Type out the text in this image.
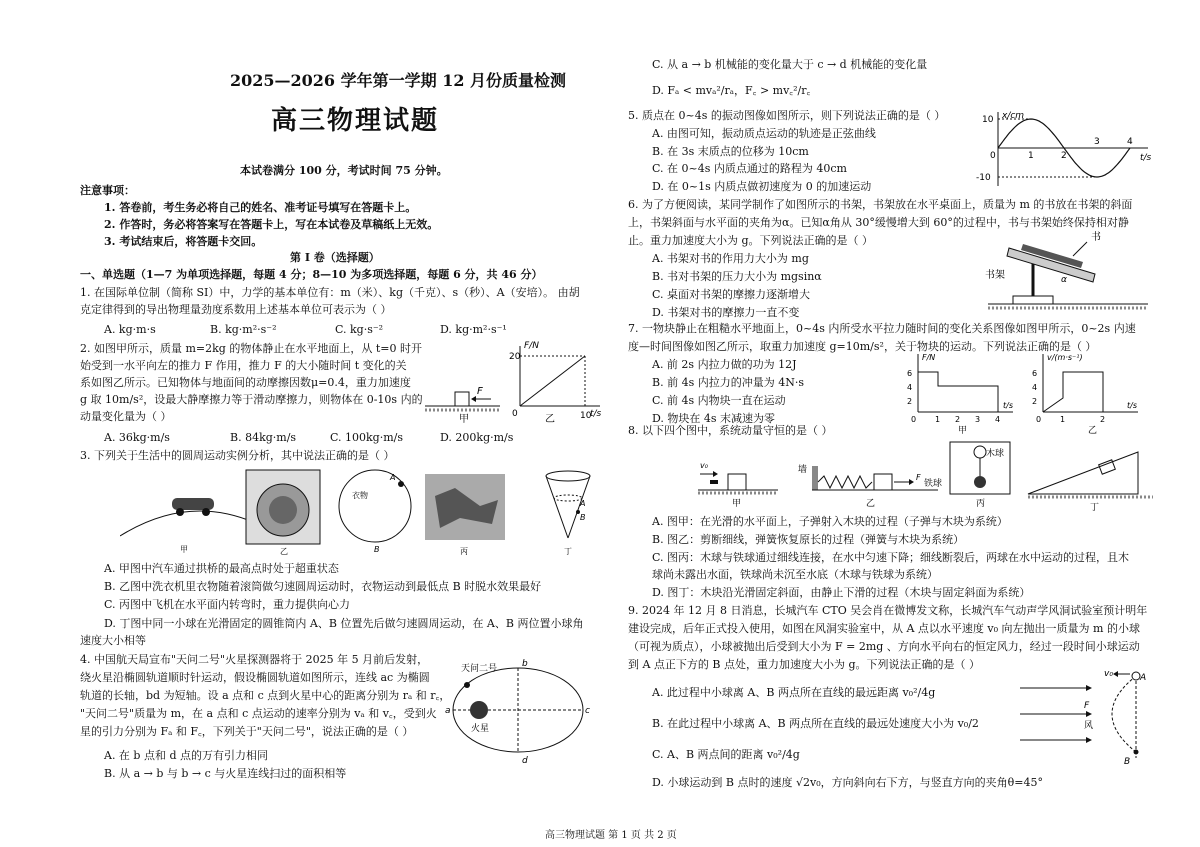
2025—2026 学年第一学期 12 月份质量检测
高三物理试题
本试卷满分 100 分，考试时间 75 分钟。
注意事项：
1. 答卷前，考生务必将自己的姓名、准考证号填写在答题卡上。
2. 作答时，务必将答案写在答题卡上，写在本试卷及草稿纸上无效。
3. 考试结束后，将答题卡交回。
第 I 卷（选择题）
一、单选题（1—7 为单项选择题，每题 4 分；8—10 为多项选择题，每题 6 分，共 46 分）
1. 在国际单位制（简称 SI）中，力学的基本单位有：m（米）、kg（千克）、s（秒）、A（安培）。 由胡
克定律得到的导出物理量劲度系数用上述基本单位可表示为（ ）
A. kg·m·s	B. kg·m²·s⁻²	C. kg·s⁻²	D. kg·m²·s⁻¹
2. 如图甲所示，质量 m=2kg 的物体静止在水平地面上，从 t=0 时开
始受到一水平向左的推力 F 作用，推力 F 的大小随时间 t 变化的关
系如图乙所示。已知物体与地面间的动摩擦因数μ=0.4，重力加速度
g 取 10m/s²，设最大静摩擦力等于滑动摩擦力，则物体在 0-10s 内的
动量变化量为（ ）
A. 36kg·m/s	B. 84kg·m/s	C. 100kg·m/s	D. 200kg·m/s
F
甲
F/N
20
0	10
t/s
乙
3. 下列关于生活中的圆周运动实例分析，其中说法正确的是（ ）
甲	乙
A
衣物
B	丙
A
B
丁
A. 甲图中汽车通过拱桥的最高点时处于超重状态
B. 乙图中洗衣机里衣物随着滚筒做匀速圆周运动时，衣物运动到最低点 B 时脱水效果最好
C. 丙图中飞机在水平面内转弯时，重力提供向心力
D. 丁图中同一小球在光滑固定的圆锥筒内 A、B 位置先后做匀速圆周运动，在 A、B 两位置小球角
速度大小相等
4. 中国航天局宣布"天问二号"火星探测器将于 2025 年 5 月前后发射，
绕火星沿椭圆轨道顺时针运动，假设椭圆轨道如图所示，连线 ac 为椭圆
轨道的长轴，bd 为短轴。设 a 点和 c 点到火星中心的距离分别为 rₐ 和 r꜀，
"天问二号"质量为 m，在 a 点和 c 点运动的速率分别为 vₐ 和 v꜀，受到火
星的引力分别为 Fₐ 和 F꜀，下列关于"天问二号"，说法正确的是（ ）
A. 在 b 点和 d 点的万有引力相同
B. 从 a → b 与 b → c 与火星连线扫过的面积相等
火星
天问二号
a
b
c
d
C. 从 a → b 机械能的变化量大于 c → d 机械能的变化量
D. Fₐ < mvₐ²/rₐ，F꜀ > mv꜀²/r꜀
5. 质点在 0~4s 的振动图像如图所示，则下列说法正确的是（ ）
A. 由图可知，振动质点运动的轨迹是正弦曲线
B. 在 3s 末质点的位移为 10cm
C. 在 0~4s 内质点通过的路程为 40cm
D. 在 0~1s 内质点做初速度为 0 的加速运动
x/cm
t/s
10
-10
0	1	2
3	4
6. 为了方便阅读，某同学制作了如图所示的书架，书架放在水平桌面上，质量为 m 的书放在书架的斜面
上，书架斜面与水平面的夹角为α。已知α角从 30°缓慢增大到 60°的过程中，书与书架始终保持相对静
止。重力加速度大小为 g。下列说法正确的是（ ）
A. 书架对书的作用力大小为 mg
B. 书对书架的压力大小为 mgsinα
C. 桌面对书架的摩擦力逐渐增大
D. 书架对书的摩擦力一直不变
书
书架	α
7. 一物块静止在粗糙水平地面上，0~4s 内所受水平拉力随时间的变化关系图像如图甲所示，0~2s 内速
度—时间图像如图乙所示，取重力加速度 g=10m/s²，关于物块的运动。下列说法正确的是（ ）
A. 前 2s 内拉力做的功为 12J
B. 前 4s 内拉力的冲量为 4N·s
C. 前 4s 内物块一直在运动
D. 物块在 4s 末减速为零
F/N
6
4
2
0 1 2 3 4
t/s
甲
v/(m·s⁻¹)
6
4
2
0 1	2
t/s
乙
8. 以下四个图中，系统动量守恒的是（ ）
v₀
甲
墙
F
乙
木球
铁球
丙	丁
A. 图甲：在光滑的水平面上，子弹射入木块的过程（子弹与木块为系统）
B. 图乙：剪断细线，弹簧恢复原长的过程（弹簧与木块为系统）
C. 图丙：木球与铁球通过细线连接，在水中匀速下降；细线断裂后，两球在水中运动的过程，且木
球尚未露出水面，铁球尚未沉至水底（木球与铁球为系统）
D. 图丁：木块沿光滑固定斜面，由静止下滑的过程（木块与固定斜面为系统）
9. 2024 年 12 月 8 日消息，长城汽车 CTO 吴会肖在微博发文称，长城汽车气动声学风洞试验室预计明年
建设完成，后年正式投入使用，如图在风洞实验室中，从 A 点以水平速度 v₀ 向左抛出一质量为 m 的小球
（可视为质点），小球被抛出后受到大小为 F = 2mg 、方向水平向右的恒定风力，经过一段时间小球运动
到 A 点正下方的 B 点处，重力加速度大小为 g。下列说法正确的是（ ）
A. 此过程中小球离 A、B 两点所在直线的最远距离 v₀²/4g
B. 在此过程中小球离 A、B 两点所在直线的最远处速度大小为 v₀/2
C. A、B 两点间的距离 v₀²/4g
D. 小球运动到 B 点时的速度 √2v₀，方向斜向右下方，与竖直方向的夹角θ=45°
F
风
A
B
v₀
高三物理试题 第 1 页 共 2 页
